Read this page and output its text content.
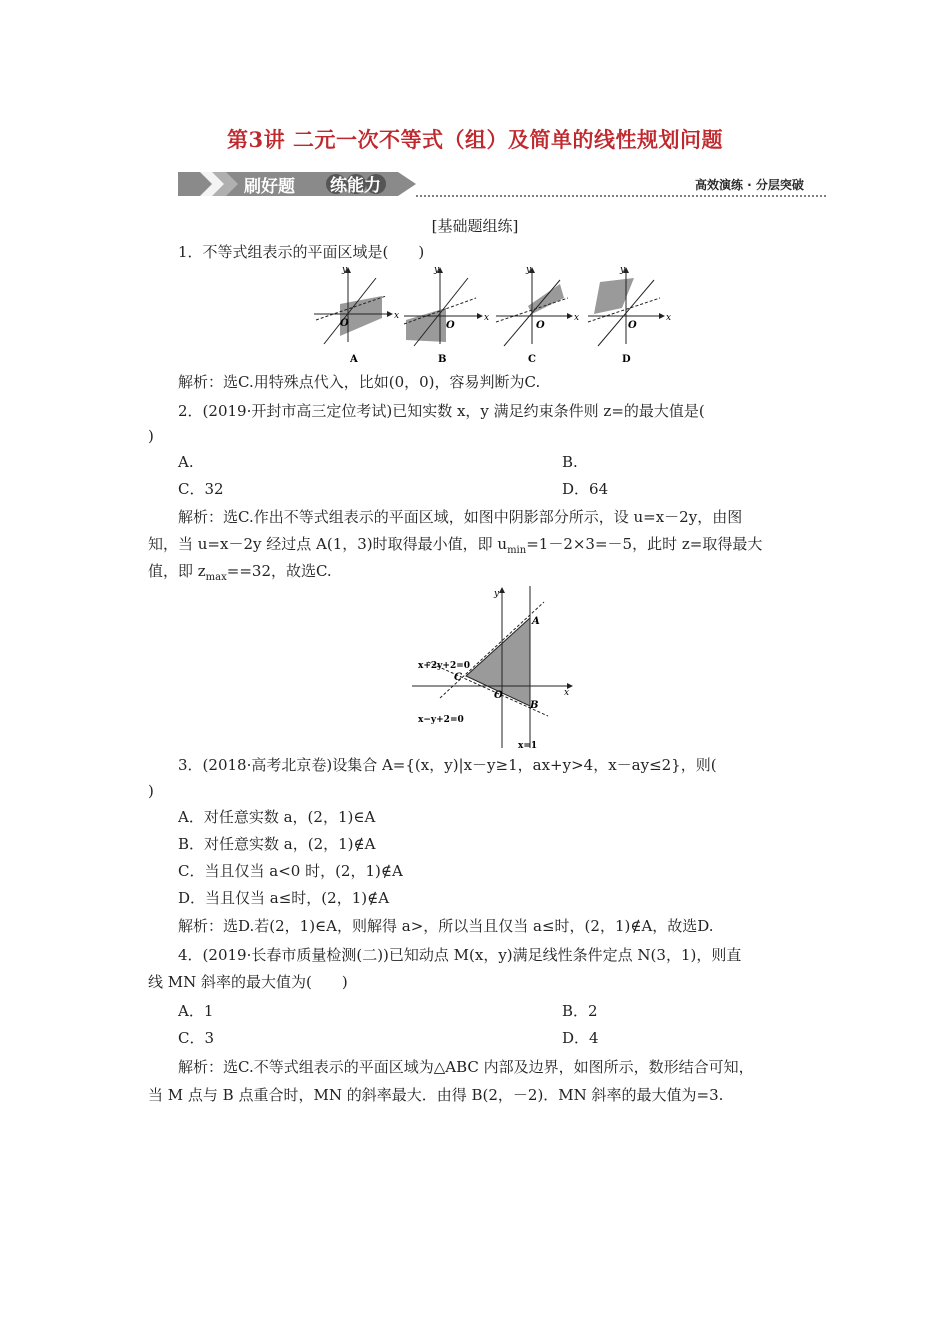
第3讲 二元一次不等式（组）及简单的线性规划问题
刷好题 练能力	高效演练 · 分层突破
[基础题组练]
1．不等式组表示的平面区域是(　　)
O
x
y
O
x
y
O
x
y
O
x
y
A	B	C	D
解析：选C.用特殊点代入，比如(0，0)，容易判断为C.
2．(2019·开封市高三定位考试)已知实数 x，y 满足约束条件则 z=的最大值是(
)
A.	B.
C．32	D．64
解析：选C.作出不等式组表示的平面区域，如图中阴影部分所示，设 u=x－2y，由图
知，当 u=x－2y 经过点 A(1，3)时取得最小值，即 $u_{min}=1-2\times 3=-5$，此时 z=取得最大
值，即 $z_{max}==32$，故选C.
A
B
C
O	x
y
x+2y+2=0
x−y+2=0
x=1
3．(2018·高考北京卷)设集合 A={(x，y)|x－y≥1，ax+y>4，x－ay≤2}，则(
)
A．对任意实数 a，(2，1)∈A
B．对任意实数 a，(2，1)∉A
C．当且仅当 a<0 时，(2，1)∉A
D．当且仅当 a≤时，(2，1)∉A
解析：选D.若(2，1)∈A，则解得 a>，所以当且仅当 a≤时，(2，1)∉A，故选D.
4．(2019·长春市质量检测(二))已知动点 M(x，y)满足线性条件定点 N(3，1)，则直
线 MN 斜率的最大值为(　　)
A．1	B．2
C．3	D．4
解析：选C.不等式组表示的平面区域为△ABC 内部及边界，如图所示，数形结合可知，
当 M 点与 B 点重合时，MN 的斜率最大．由得 B(2，－2)．MN 斜率的最大值为=3.
